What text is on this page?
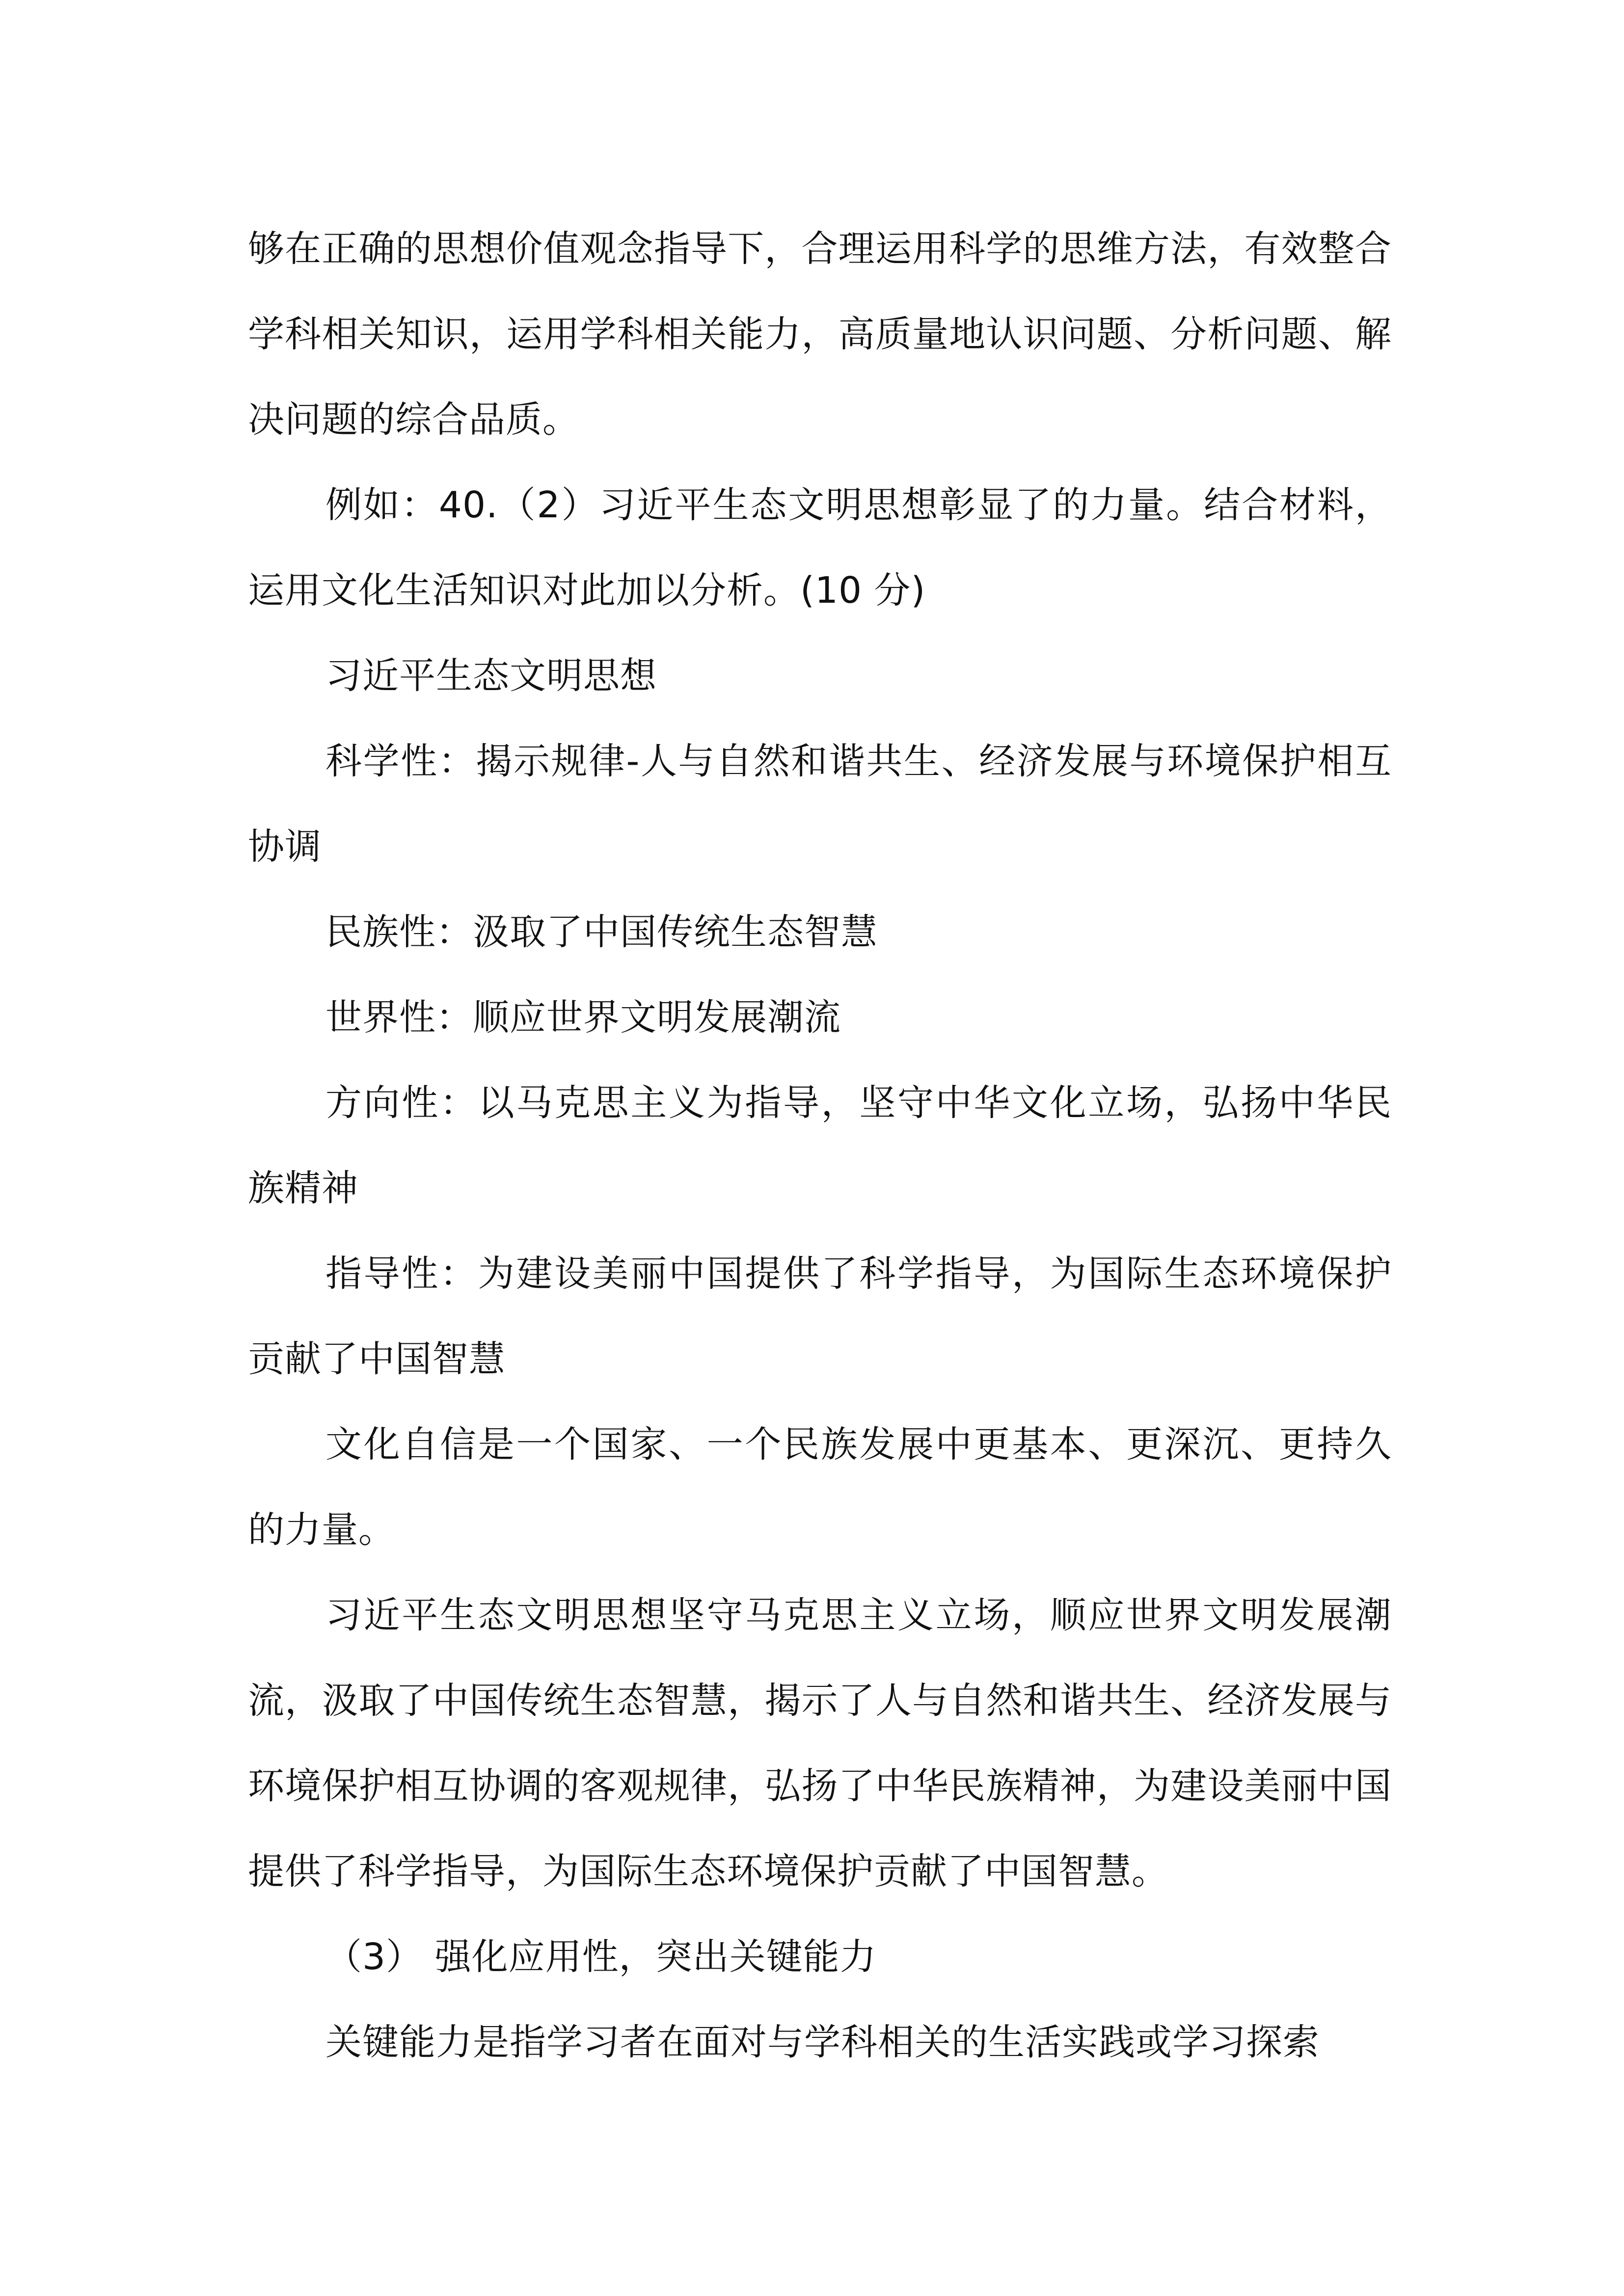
够在正确的思想价值观念指导下，合理运用科学的思维方法，有效整合学科相关知识，运用学科相关能力，高质量地认识问题、分析问题、解决问题的综合品质。

例如：40.（2）习近平生态文明思想彰显了的力量。结合材料，运用文化生活知识对此加以分析。(10 分)

习近平生态文明思想

科学性：揭示规律-人与自然和谐共生、经济发展与环境保护相互协调

民族性：汲取了中国传统生态智慧

世界性：顺应世界文明发展潮流

方向性：以马克思主义为指导，坚守中华文化立场，弘扬中华民族精神

指导性：为建设美丽中国提供了科学指导，为国际生态环境保护贡献了中国智慧

文化自信是一个国家、一个民族发展中更基本、更深沉、更持久的力量。

习近平生态文明思想坚守马克思主义立场，顺应世界文明发展潮流，汲取了中国传统生态智慧，揭示了人与自然和谐共生、经济发展与环境保护相互协调的客观规律，弘扬了中华民族精神，为建设美丽中国提供了科学指导，为国际生态环境保护贡献了中国智慧。

（3） 强化应用性，突出关键能力

关键能力是指学习者在面对与学科相关的生活实践或学习探索
